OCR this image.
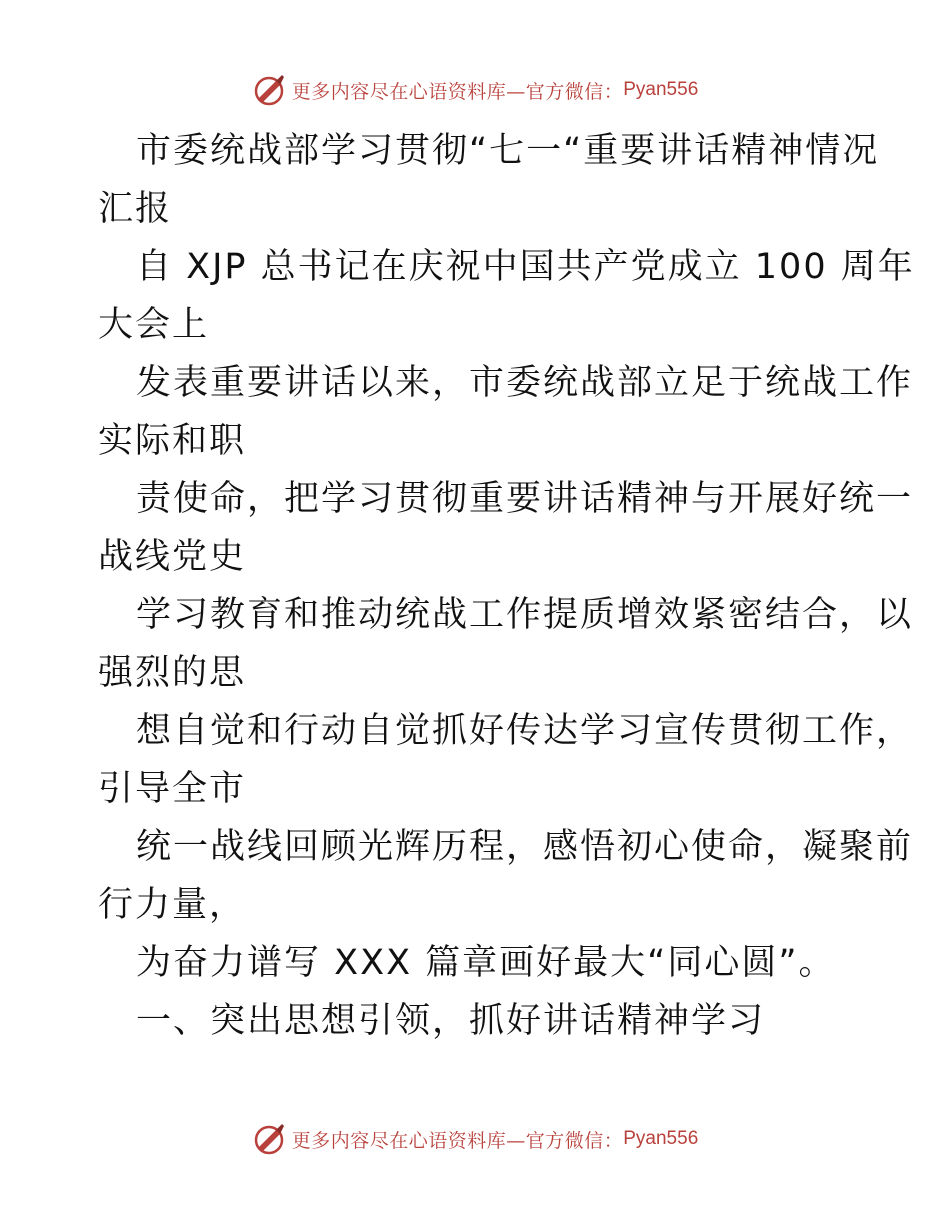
更多内容尽在心语资料库—官方微信： Pyan556
市委统战部学习贯彻“七一“重要讲话精神情况
汇报
自 XJP 总书记在庆祝中国共产党成立 100 周年
大会上
发表重要讲话以来，市委统战部立足于统战工作
实际和职
责使命，把学习贯彻重要讲话精神与开展好统一
战线党史
学习教育和推动统战工作提质增效紧密结合，以
强烈的思
想自觉和行动自觉抓好传达学习宣传贯彻工作，
引导全市
统一战线回顾光辉历程，感悟初心使命，凝聚前
行力量，
为奋力谱写 XXX 篇章画好最大“同心圆”。
一、突出思想引领，抓好讲话精神学习
更多内容尽在心语资料库—官方微信： Pyan556
